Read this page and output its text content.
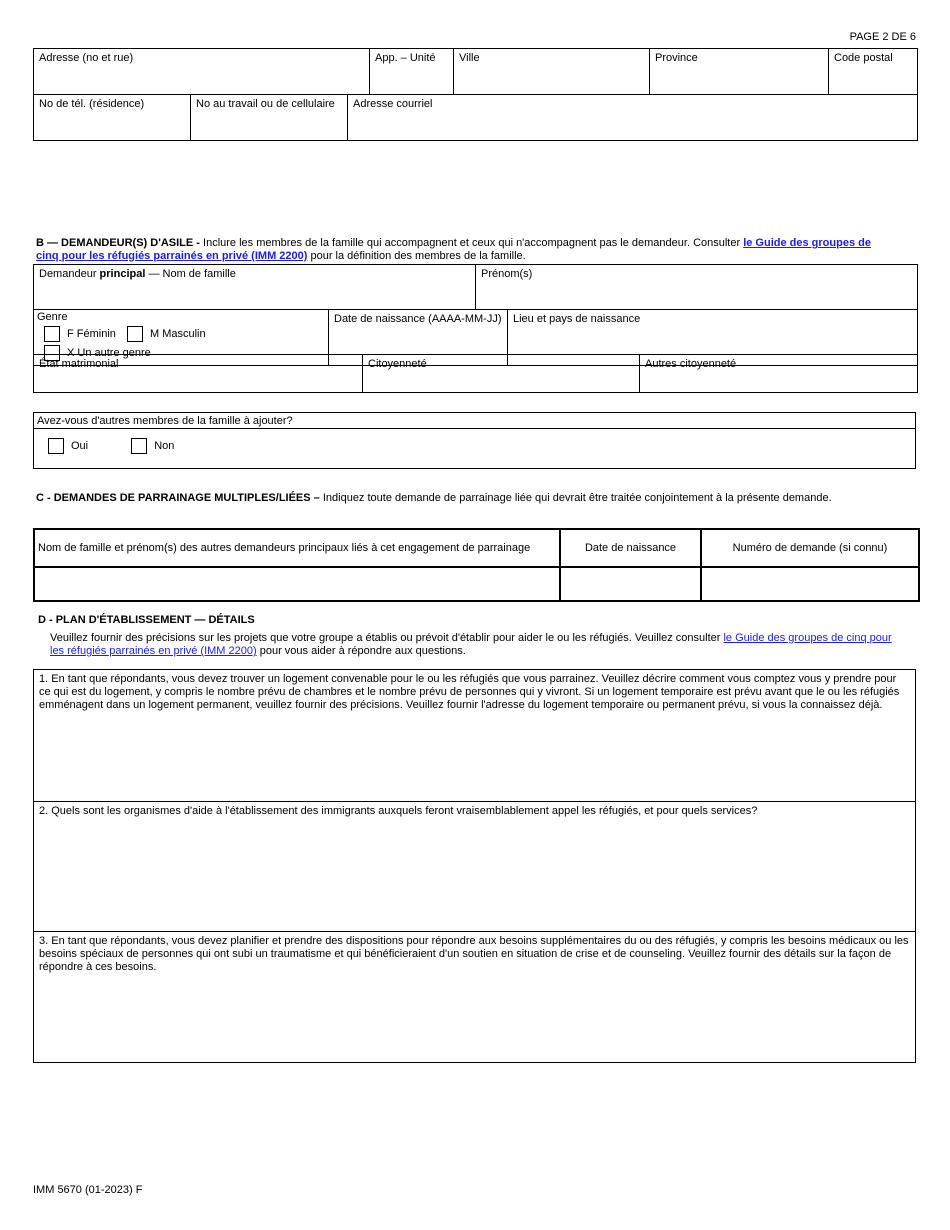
PAGE 2 DE 6
Adresse (no et rue)	App. – Unité	Ville	Province	Code postal
No de tél. (résidence)	No au travail ou de cellulaire	Adresse courriel
B — DEMANDEUR(S) D'ASILE - Inclure les membres de la famille qui accompagnent et ceux qui n'accompagnent pas le demandeur. Consulter le Guide des groupes de cinq pour les réfugiés parrainés en privé (IMM 2200) pour la définition des membres de la famille.
Demandeur principal — Nom de famille	Prénom(s)
Genre
F Féminin
	M Masculin

X Un autre genre
	Date de naissance (AAAA-MM-JJ)	Lieu et pays de naissance
État matrimonial	Citoyenneté	Autres citoyenneté
Avez-vous d'autres membres de la famille à ajouter?
Oui
	Non
C - DEMANDES DE PARRAINAGE MULTIPLES/LIÉES – Indiquez toute demande de parrainage liée qui devrait être traitée conjointement à la présente demande.
Nom de famille et prénom(s) des autres demandeurs principaux liés à cet engagement de parrainage	Date de naissance	Numéro de demande (si connu)

D - PLAN D'ÉTABLISSEMENT — DÉTAILS
Veuillez fournir des précisions sur les projets que votre groupe a établis ou prévoit d'établir pour aider le ou les réfugiés. Veuillez consulter le Guide des groupes de cinq pour les réfugiés parrainés en privé (IMM 2200) pour vous aider à répondre aux questions.
1. En tant que répondants, vous devez trouver un logement convenable pour le ou les réfugiés que vous parrainez. Veuillez décrire comment vous comptez vous y prendre pour ce qui est du logement, y compris le nombre prévu de chambres et le nombre prévu de personnes qui y vivront. Si un logement temporaire est prévu avant que le ou les réfugiés emménagent dans un logement permanent, veuillez fournir des précisions. Veuillez fournir l'adresse du logement temporaire ou permanent prévu, si vous la connaissez déjà.
2. Quels sont les organismes d'aide à l'établissement des immigrants auxquels feront vraisemblablement appel les réfugiés, et pour quels services?
3. En tant que répondants, vous devez planifier et prendre des dispositions pour répondre aux besoins supplémentaires du ou des réfugiés, y compris les besoins médicaux ou les besoins spéciaux de personnes qui ont subi un traumatisme et qui bénéficieraient d'un soutien en situation de crise et de counseling. Veuillez fournir des détails sur la façon de répondre à ces besoins.
IMM 5670 (01-2023) F
